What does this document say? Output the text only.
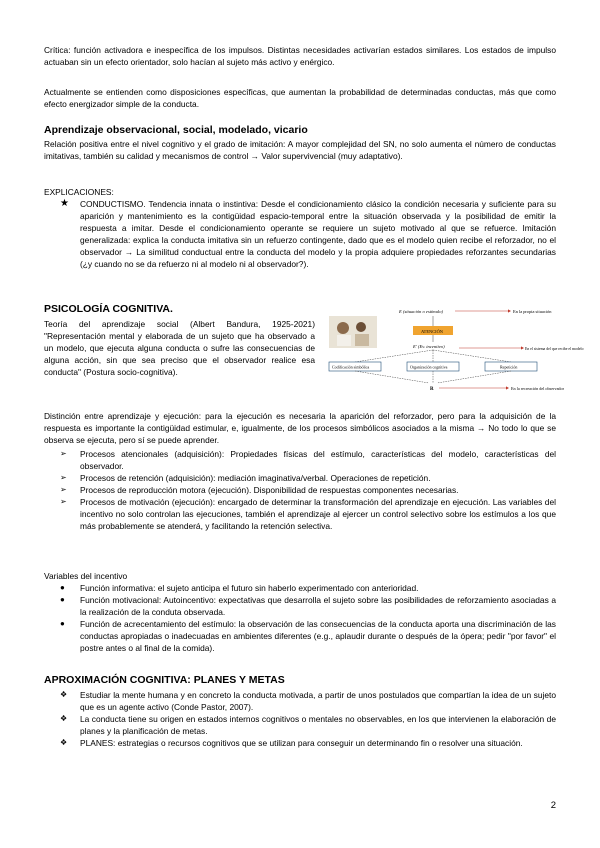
Crítica: función activadora e inespecífica de los impulsos. Distintas necesidades activarían estados similares. Los estados de impulso actuaban sin un efecto orientador, solo hacían al sujeto más activo y enérgico.

Actualmente se entienden como disposiciones específicas, que aumentan la probabilidad de determinadas conductas, más que como efecto energizador simple de la conducta.

Aprendizaje observacional, social, modelado, vicario

Relación positiva entre el nivel cognitivo y el grado de imitación: A mayor complejidad del SN, no solo aumenta el número de conductas imitativas, también su calidad y mecanismos de control → Valor supervivencial (muy adaptativo).

EXPLICACIONES:

★ CONDUCTISMO. Tendencia innata o instintiva: Desde el condicionamiento clásico la condición necesaria y suficiente para su aparición y mantenimiento es la contigüidad espacio-temporal entre la situación observada y la posibilidad de emitir la respuesta a imitar. Desde el condicionamiento operante se requiere un sujeto motivado al que se refuerce. Imitación generalizada: explica la conducta imitativa sin un refuerzo contingente, dado que es el modelo quien recibe el reforzador, no el observador → La similitud conductual entre la conducta del modelo y la propia adquiere propiedades reforzantes secundarias (¿y cuando no se da refuerzo ni al modelo ni al observador?).
PSICOLOGÍA COGNITIVA.

Teoría del aprendizaje social (Albert Bandura, 1925-2021) "Representación mental y elaborada de un sujeto que ha observado a un modelo, que ejecuta alguna conducta o sufre las consecuencias de alguna acción, sin que sea preciso que el observador realice esa conducta" (Postura socio-cognitiva).

E (situación o estímulo)	En la propia situación
ATENCIÓN
E' (Ev. incentivo)	En el sistema del que recibe el modelo
Codificación simbólica	Organización cognitiva	Repetición
R	En la recreación del observador

Distinción entre aprendizaje y ejecución: para la ejecución es necesaria la aparición del reforzador, pero para la adquisición de la respuesta es importante la contigüidad estimular, e, igualmente, de los procesos simbólicos asociados a la misma → No todo lo que se observa se ejecuta, pero sí se puede aprender.

➢ Procesos atencionales (adquisición): Propiedades físicas del estímulo, características del modelo, características del observador.
➢ Procesos de retención (adquisición): mediación imaginativa/verbal. Operaciones de repetición.
➢ Procesos de reproducción motora (ejecución). Disponibilidad de respuestas componentes necesarias.
➢ Procesos de motivación (ejecución): encargado de determinar la transformación del aprendizaje en ejecución. Las variables del incentivo no solo controlan las ejecuciones, también el aprendizaje al ejercer un control selectivo sobre los estímulos a los que más probablemente se atenderá, y facilitando la retención selectiva.

Variables del incentivo

● Función informativa: el sujeto anticipa el futuro sin haberlo experimentado con anterioridad.
● Función motivacional: Autoincentivo: expectativas que desarrolla el sujeto sobre las posibilidades de reforzamiento asociadas a la realización de la conduta observada.
● Función de acrecentamiento del estímulo: la observación de las consecuencias de la conducta aporta una discriminación de las conductas apropiadas o inadecuadas en ambientes diferentes (e.g., aplaudir durante o después de la ópera; pedir "por favor" el postre antes o al final de la comida).
APROXIMACIÓN COGNITIVA: PLANES Y METAS
❖ Estudiar la mente humana y en concreto la conducta motivada, a partir de unos postulados que compartían la idea de un sujeto que es un agente activo (Conde Pastor, 2007).
❖ La conducta tiene su origen en estados internos cognitivos o mentales no observables, en los que intervienen la elaboración de planes y la planificación de metas.
❖ PLANES: estrategias o recursos cognitivos que se utilizan para conseguir un determinando fin o resolver una situación.
2
